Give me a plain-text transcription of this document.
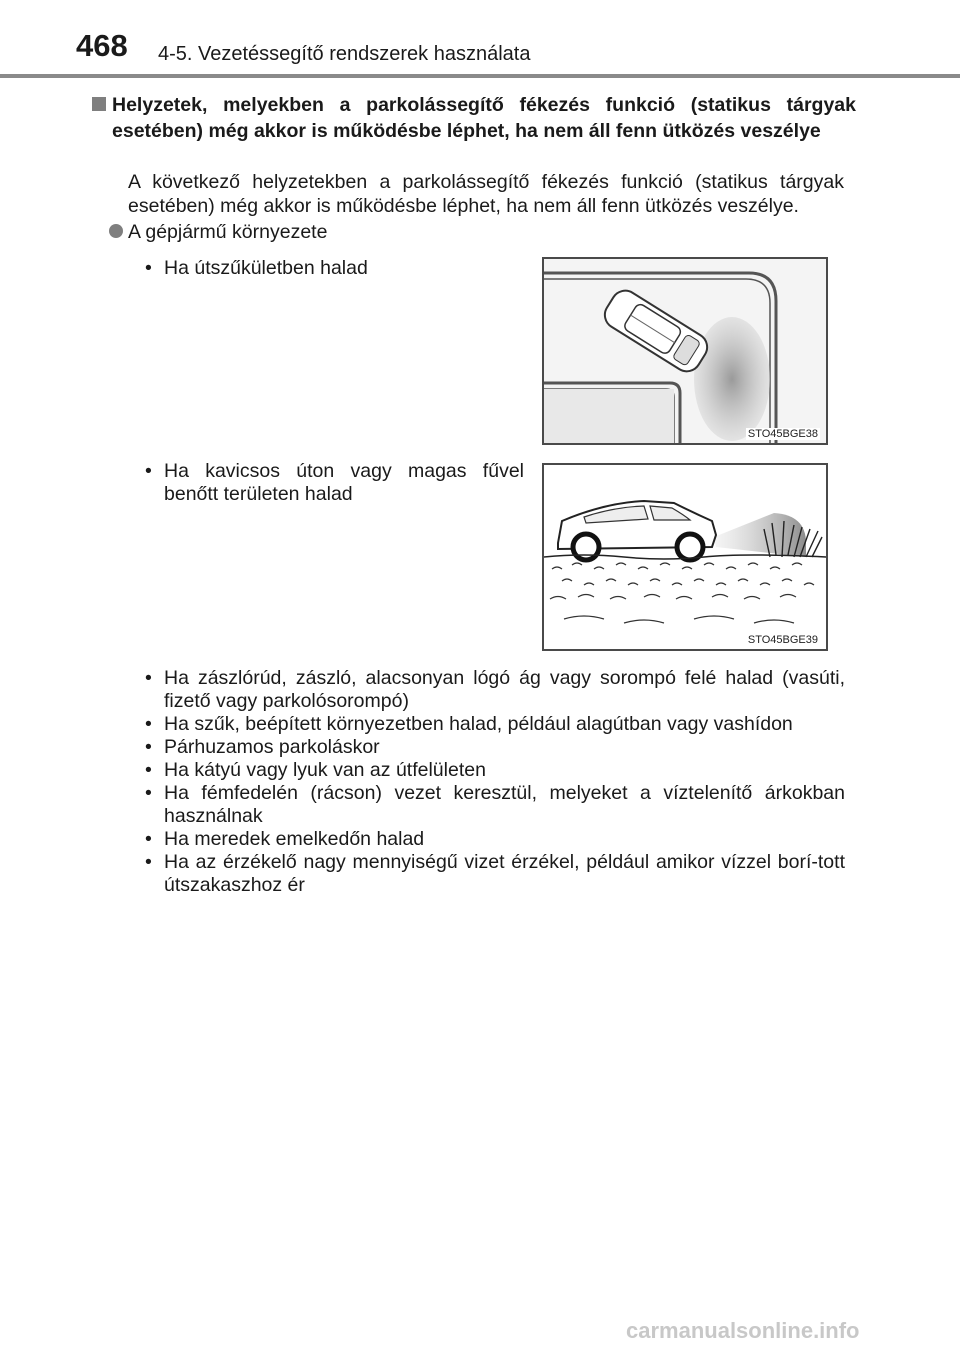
468 4-5. Vezetéssegítő rendszerek használata
Helyzetek, melyekben a parkolássegítő fékezés funkció (statikus tárgyak esetében) még akkor is működésbe léphet, ha nem áll fenn ütközés veszélye
A következő helyzetekben a parkolássegítő fékezés funkció (statikus tárgyak esetében) még akkor is működésbe léphet, ha nem áll fenn ütközés veszélye.
A gépjármű környezete
• Ha útszűkületben halad
STO45BGE38
• Ha kavicsos úton vagy magas fűvel benőtt területen halad
STO45BGE39
• Ha zászlórúd, zászló, alacsonyan lógó ág vagy sorompó felé halad (vasúti, fizető vagy parkolósorompó)
• Ha szűk, beépített környezetben halad, például alagútban vagy vashídon
• Párhuzamos parkoláskor
• Ha kátyú vagy lyuk van az útfelületen
• Ha fémfedelén (rácson) vezet keresztül, melyeket a víztelenítő árkokban használnak
• Ha meredek emelkedőn halad
• Ha az érzékelő nagy mennyiségű vizet érzékel, például amikor vízzel borí-tott útszakaszhoz ér
carmanualsonline.info
